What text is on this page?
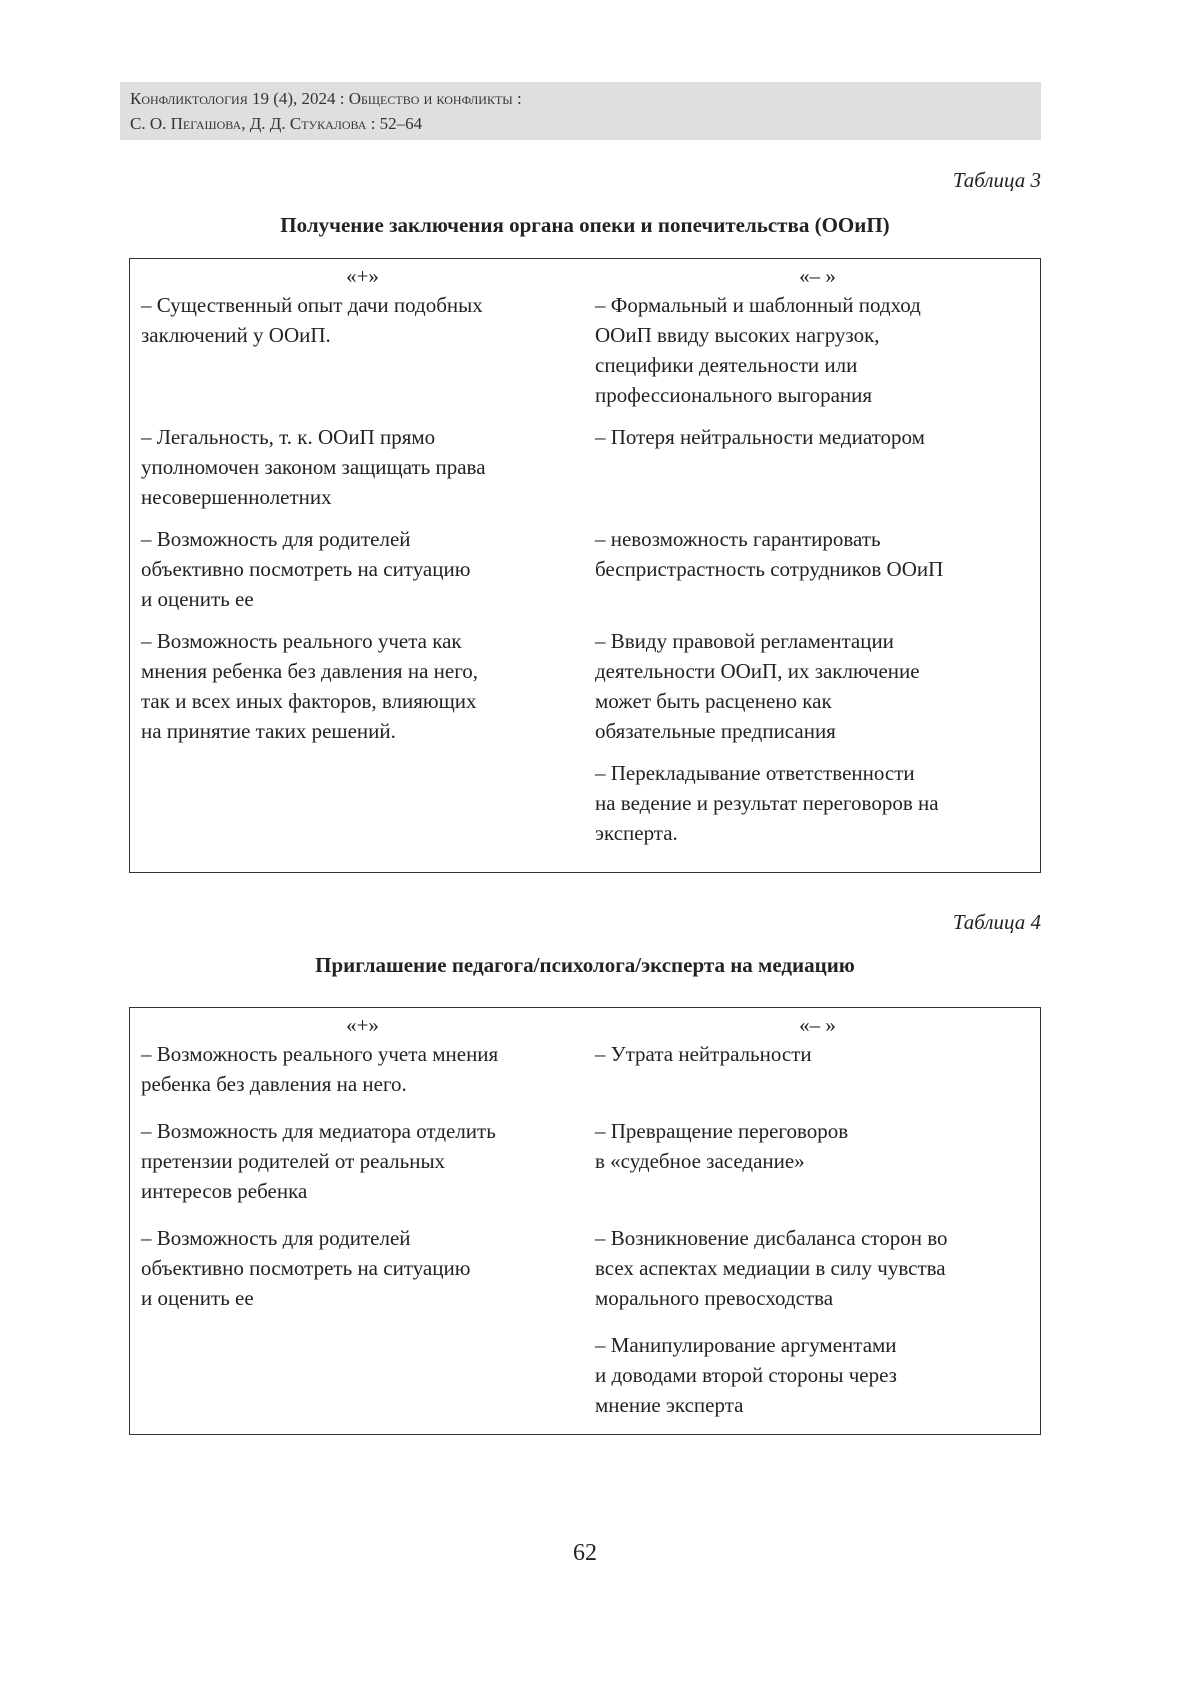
Конфликтология 19 (4), 2024 : Общество и конфликты :
С. О. Пегашова, Д. Д. Стукалова : 52–64
Таблица 3
Получение заключения органа опеки и попечительства (ООиП)
«+»	«– »
– Существенный опыт дачи подобных
заключений у ООиП.
– Формальный и шаблонный подход
ООиП ввиду высоких нагрузок,
специфики деятельности или
профессионального выгорания
– Легальность, т. к. ООиП прямо
уполномочен законом защищать права
несовершеннолетних
– Потеря нейтральности медиатором
– Возможность для родителей
объективно посмотреть на ситуацию
и оценить ее
– невозможность гарантировать
беспристрастность сотрудников ООиП
– Возможность реального учета как
мнения ребенка без давления на него,
так и всех иных факторов, влияющих
на принятие таких решений.
– Ввиду правовой регламентации
деятельности ООиП, их заключение
может быть расценено как
обязательные предписания
– Перекладывание ответственности
на ведение и результат переговоров на
эксперта.
Таблица 4
Приглашение педагога/психолога/эксперта на медиацию
«+»	«– »
– Возможность реального учета мнения
ребенка без давления на него.
– Утрата нейтральности
– Возможность для медиатора отделить
претензии родителей от реальных
интересов ребенка
– Превращение переговоров
в «судебное заседание»
– Возможность для родителей
объективно посмотреть на ситуацию
и оценить ее
– Возникновение дисбаланса сторон во
всех аспектах медиации в силу чувства
морального превосходства
– Манипулирование аргументами
и доводами второй стороны через
мнение эксперта
62
